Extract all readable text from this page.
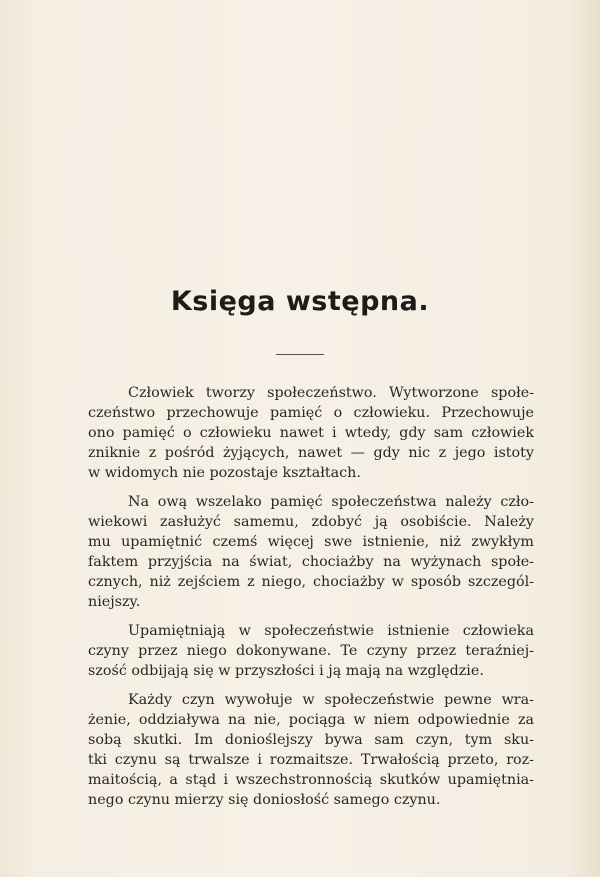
Księga wstępna.
Człowiek tworzy społeczeństwo. Wytworzone społe-
czeństwo przechowuje pamięć o człowieku. Przechowuje
ono pamięć o człowieku nawet i wtedy, gdy sam człowiek
zniknie z pośród żyjących, nawet — gdy nic z jego istoty
w widomych nie pozostaje kształtach.
Na ową wszelako pamięć społeczeństwa należy czło-
wiekowi zasłużyć samemu, zdobyć ją osobiście. Należy
mu upamiętnić czemś więcej swe istnienie, niż zwykłym
faktem przyjścia na świat, chociażby na wyżynach społe-
cznych, niż zejściem z niego, chociażby w sposób szczegól-
niejszy.
Upamiętniają w społeczeństwie istnienie człowieka
czyny przez niego dokonywane. Te czyny przez teraźniej-
szość odbijają się w przyszłości i ją mają na względzie.
Każdy czyn wywołuje w społeczeństwie pewne wra-
żenie, oddziaływa na nie, pociąga w niem odpowiednie za
sobą skutki. Im donioślejszy bywa sam czyn, tym sku-
tki czynu są trwalsze i rozmaitsze. Trwałością przeto, roz-
maitością, a stąd i wszechstronnością skutków upamiętnia-
nego czynu mierzy się doniosłość samego czynu.
